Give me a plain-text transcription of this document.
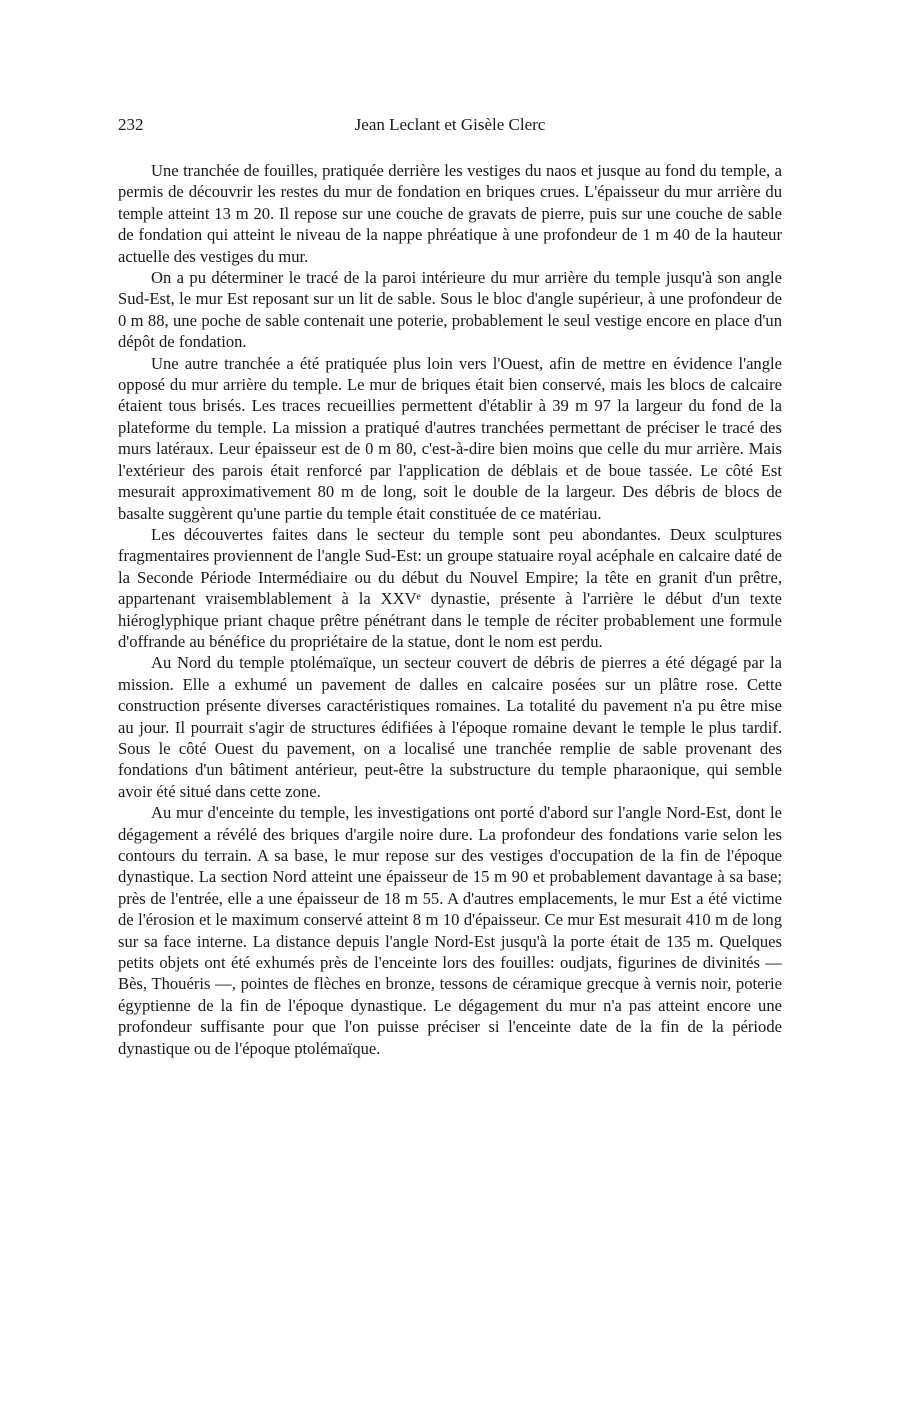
232	Jean Leclant et Gisèle Clerc

Une tranchée de fouilles, pratiquée derrière les vestiges du naos et jusque au fond du temple, a permis de découvrir les restes du mur de fondation en briques crues. L'épaisseur du mur arrière du temple atteint 13 m 20. Il repose sur une couche de gravats de pierre, puis sur une couche de sable de fondation qui atteint le niveau de la nappe phréatique à une profondeur de 1 m 40 de la hauteur actuelle des vestiges du mur.

On a pu déterminer le tracé de la paroi intérieure du mur arrière du temple jusqu'à son angle Sud-Est, le mur Est reposant sur un lit de sable. Sous le bloc d'angle supérieur, à une profondeur de 0 m 88, une poche de sable contenait une poterie, probablement le seul vestige encore en place d'un dépôt de fondation.

Une autre tranchée a été pratiquée plus loin vers l'Ouest, afin de mettre en évidence l'angle opposé du mur arrière du temple. Le mur de briques était bien conservé, mais les blocs de calcaire étaient tous brisés. Les traces recueillies permettent d'établir à 39 m 97 la largeur du fond de la plateforme du temple. La mission a pratiqué d'autres tranchées permettant de préciser le tracé des murs latéraux. Leur épaisseur est de 0 m 80, c'est-à-dire bien moins que celle du mur arrière. Mais l'extérieur des parois était renforcé par l'application de déblais et de boue tassée. Le côté Est mesurait approximativement 80 m de long, soit le double de la largeur. Des débris de blocs de basalte suggèrent qu'une partie du temple était constituée de ce matériau.

Les découvertes faites dans le secteur du temple sont peu abondantes. Deux sculptures fragmentaires proviennent de l'angle Sud-Est: un groupe statuaire royal acéphale en calcaire daté de la Seconde Période Intermédiaire ou du début du Nouvel Empire; la tête en granit d'un prêtre, appartenant vraisemblablement à la XXVᵉ dynastie, présente à l'arrière le début d'un texte hiéroglyphique priant chaque prêtre pénétrant dans le temple de réciter probablement une formule d'offrande au bénéfice du propriétaire de la statue, dont le nom est perdu.

Au Nord du temple ptolémaïque, un secteur couvert de débris de pierres a été dégagé par la mission. Elle a exhumé un pavement de dalles en calcaire posées sur un plâtre rose. Cette construction présente diverses caractéristiques romaines. La totalité du pavement n'a pu être mise au jour. Il pourrait s'agir de structures édifiées à l'époque romaine devant le temple le plus tardif. Sous le côté Ouest du pavement, on a localisé une tranchée remplie de sable provenant des fondations d'un bâtiment antérieur, peut-être la substructure du temple pharaonique, qui semble avoir été situé dans cette zone.

Au mur d'enceinte du temple, les investigations ont porté d'abord sur l'angle Nord-Est, dont le dégagement a révélé des briques d'argile noire dure. La profondeur des fondations varie selon les contours du terrain. A sa base, le mur repose sur des vestiges d'occupation de la fin de l'époque dynastique. La section Nord atteint une épaisseur de 15 m 90 et probablement davantage à sa base; près de l'entrée, elle a une épaisseur de 18 m 55. A d'autres emplacements, le mur Est a été victime de l'érosion et le maximum conservé atteint 8 m 10 d'épaisseur. Ce mur Est mesurait 410 m de long sur sa face interne. La distance depuis l'angle Nord-Est jusqu'à la porte était de 135 m. Quelques petits objets ont été exhumés près de l'enceinte lors des fouilles: oudjats, figurines de divinités — Bès, Thouéris —, pointes de flèches en bronze, tessons de céramique grecque à vernis noir, poterie égyptienne de la fin de l'époque dynastique. Le dégagement du mur n'a pas atteint encore une profondeur suffisante pour que l'on puisse préciser si l'enceinte date de la fin de la période dynastique ou de l'époque ptolémaïque.
